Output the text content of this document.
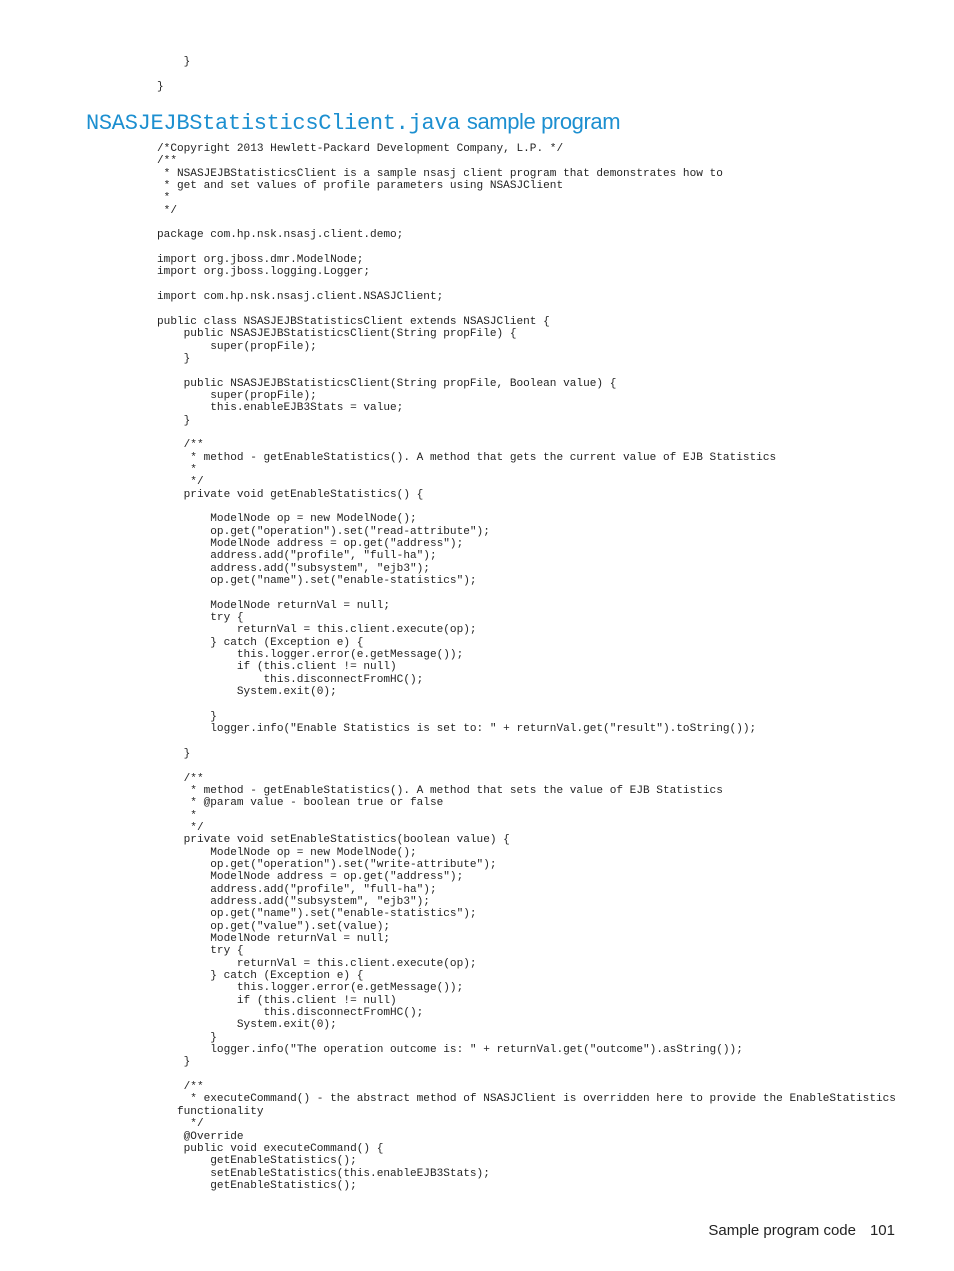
}

}
NSASJEJBStatisticsClient.java sample program
/*Copyright 2013 Hewlett-Packard Development Company, L.P. */
/**
* NSASJEJBStatisticsClient is a sample nsasj client program that demonstrates how to
* get and set values of profile parameters using NSASJClient
*
*/

package com.hp.nsk.nsasj.client.demo;

import org.jboss.dmr.ModelNode;
import org.jboss.logging.Logger;

import com.hp.nsk.nsasj.client.NSASJClient;

public class NSASJEJBStatisticsClient extends NSASJClient {
public NSASJEJBStatisticsClient(String propFile) {
super(propFile);
}

public NSASJEJBStatisticsClient(String propFile, Boolean value) {
super(propFile);
this.enableEJB3Stats = value;
}

/**
* method - getEnableStatistics(). A method that gets the current value of EJB Statistics
*
*/
private void getEnableStatistics() {

ModelNode op = new ModelNode();
op.get("operation").set("read-attribute");
ModelNode address = op.get("address");
address.add("profile", "full-ha");
address.add("subsystem", "ejb3");
op.get("name").set("enable-statistics");

ModelNode returnVal = null;
try {
returnVal = this.client.execute(op);
} catch (Exception e) {
this.logger.error(e.getMessage());
if (this.client != null)
this.disconnectFromHC();
System.exit(0);

}
logger.info("Enable Statistics is set to: " + returnVal.get("result").toString());

}

/**
* method - getEnableStatistics(). A method that sets the value of EJB Statistics
* @param value - boolean true or false
*
*/
private void setEnableStatistics(boolean value) {
ModelNode op = new ModelNode();
op.get("operation").set("write-attribute");
ModelNode address = op.get("address");
address.add("profile", "full-ha");
address.add("subsystem", "ejb3");
op.get("name").set("enable-statistics");
op.get("value").set(value);
ModelNode returnVal = null;
try {
returnVal = this.client.execute(op);
} catch (Exception e) {
this.logger.error(e.getMessage());
if (this.client != null)
this.disconnectFromHC();
System.exit(0);
}
logger.info("The operation outcome is: " + returnVal.get("outcome").asString());
}

/**
* executeCommand() - the abstract method of NSASJClient is overridden here to provide the EnableStatistics
functionality
*/
@Override
public void executeCommand() {
getEnableStatistics();
setEnableStatistics(this.enableEJB3Stats);
getEnableStatistics();
Sample program code 101
